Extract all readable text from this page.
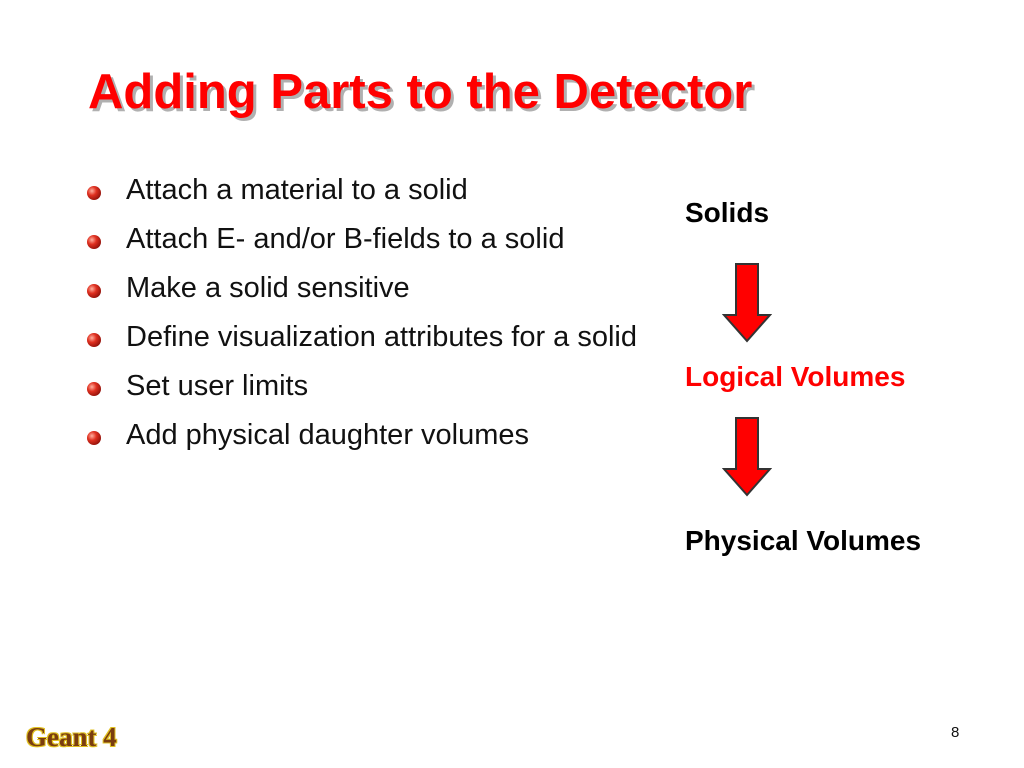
Adding Parts to the Detector
Attach a material to a solid
Attach E- and/or B-fields to a solid
Make a solid sensitive
Define visualization attributes for a solid
Set user limits
Add physical daughter volumes
Solids
Logical Volumes
Physical Volumes
Geant 4	8
